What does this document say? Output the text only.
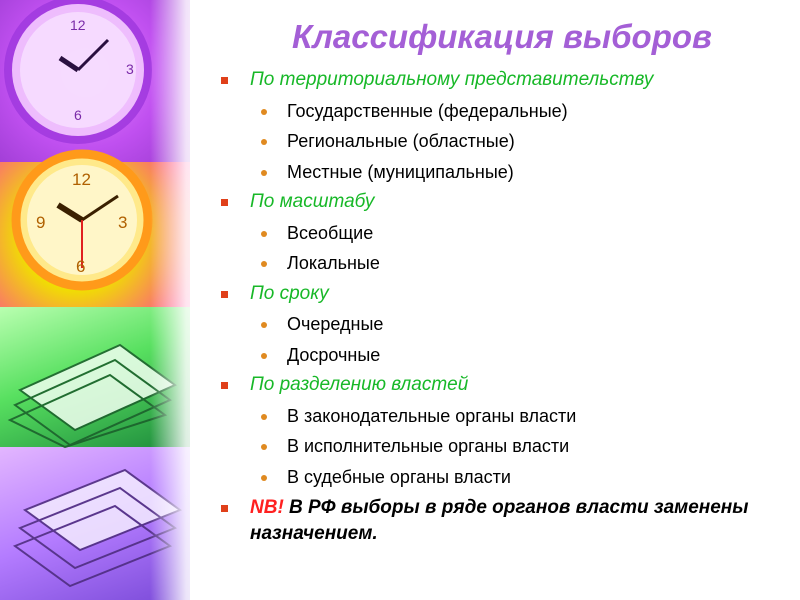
12
3
6
12
3
9
6
Классификация выборов
По территориальному представительству
Государственные (федеральные)
Региональные (областные)
Местные (муниципальные)
По масштабу
Всеобщие
Локальные
По сроку
Очередные
Досрочные
По разделению властей
В законодательные органы власти
В исполнительные органы власти
В судебные органы власти
NB! В РФ выборы в ряде органов власти заменены назначением.
